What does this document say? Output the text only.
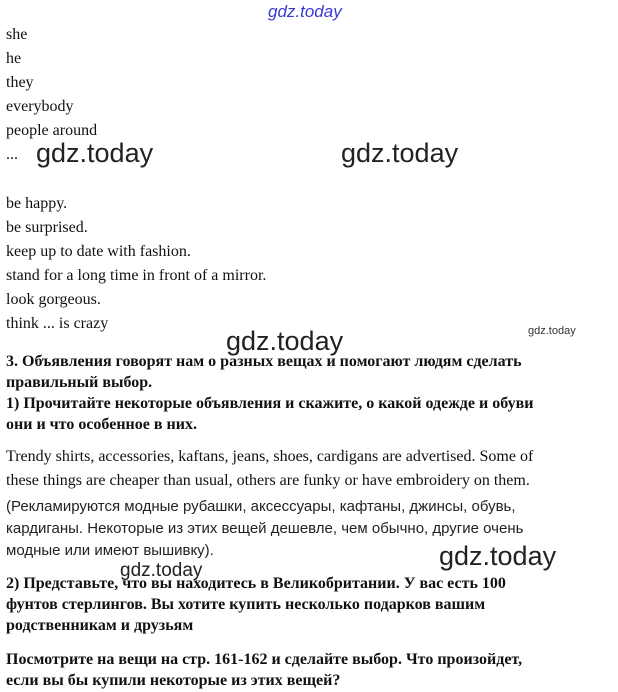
gdz.today
gdz.today	gdz.today
gdz.today	gdz.today
gdz.today
gdz.today
she
he
they
everybody
people around
...
be happy.
be surprised.
keep up to date with fashion.
stand for a long time in front of a mirror.
look gorgeous.
think ... is crazy
3. Объявления говорят нам о разных вещах и помогают людям сделать
правильный выбор.
1) Прочитайте некоторые объявления и скажите, о какой одежде и обуви
они и что особенное в них.
Trendy shirts, accessories, kaftans, jeans, shoes, cardigans are advertised. Some of
these things are cheaper than usual, others are funky or have embroidery on them.
(Рекламируются модные рубашки, аксессуары, кафтаны, джинсы, обувь,
кардиганы. Некоторые из этих вещей дешевле, чем обычно, другие очень
модные или имеют вышивку).
2) Представьте, что вы находитесь в Великобритании. У вас есть 100
фунтов стерлингов. Вы хотите купить несколько подарков вашим
родственникам и друзьям
Посмотрите на вещи на стр. 161-162 и сделайте выбор. Что произойдет,
если вы бы купили некоторые из этих вещей?
